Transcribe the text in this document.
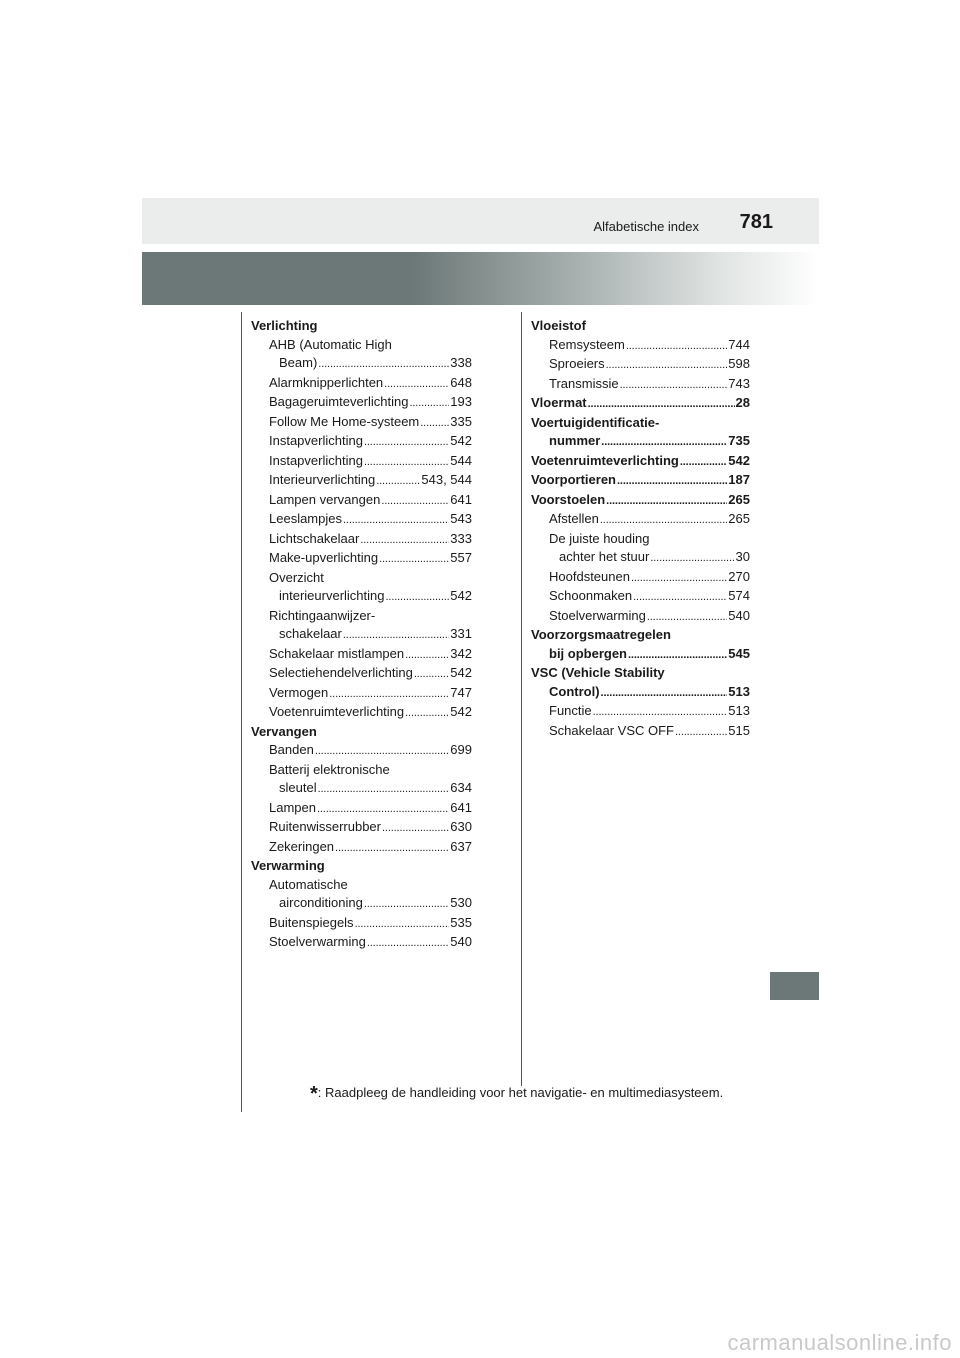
Alfabetische index 781
Verlichting
AHB (Automatic High
Beam) . . .	338
Alarmknipperlichten . . .	648
Bagageruimteverlichting . . .	193
Follow Me Home-systeem . . . 335
Instapverlichting . . .	542
Instapverlichting . . .	544
Interieurverlichting . . .	543, 544
Lampen vervangen . . .	641
Leeslampjes . . .	543
Lichtschakelaar . . .	333
Make-upverlichting . . .	557
Overzicht
interieurverlichting . . .	542
Richtingaanwijzer-
schakelaar . . .	331
Schakelaar mistlampen . . .	342
Selectiehendelverlichting . . .	542
Vermogen . . .	747
Voetenruimteverlichting . . .	542
Vervangen
Banden . . .	699
Batterij elektronische
sleutel . . .	634
Lampen . . .	641
Ruitenwisserrubber . . .	630
Zekeringen . . .	637
Verwarming
Automatische
airconditioning . . .	530
Buitenspiegels . . .	535
Stoelverwarming . . .	540
Vloeistof
Remsysteem . . .	744
Sproeiers . . .	598
Transmissie . . .	743
Vloermat . . .	28
Voertuigidentificatie-
nummer . . .	735
Voetenruimteverlichting . . .	542
Voorportieren . . .	187
Voorstoelen . . .	265
Afstellen . . .	265
De juiste houding
achter het stuur . . .	30
Hoofdsteunen . . .	270
Schoonmaken . . .	574
Stoelverwarming . . .	540
Voorzorgsmaatregelen
bij opbergen . . .	545
VSC (Vehicle Stability
Control) . . .	513
Functie . . .	513
Schakelaar VSC OFF . . .	515
*: Raadpleeg de handleiding voor het navigatie- en multimediasysteem.
carmanualsonline.info
